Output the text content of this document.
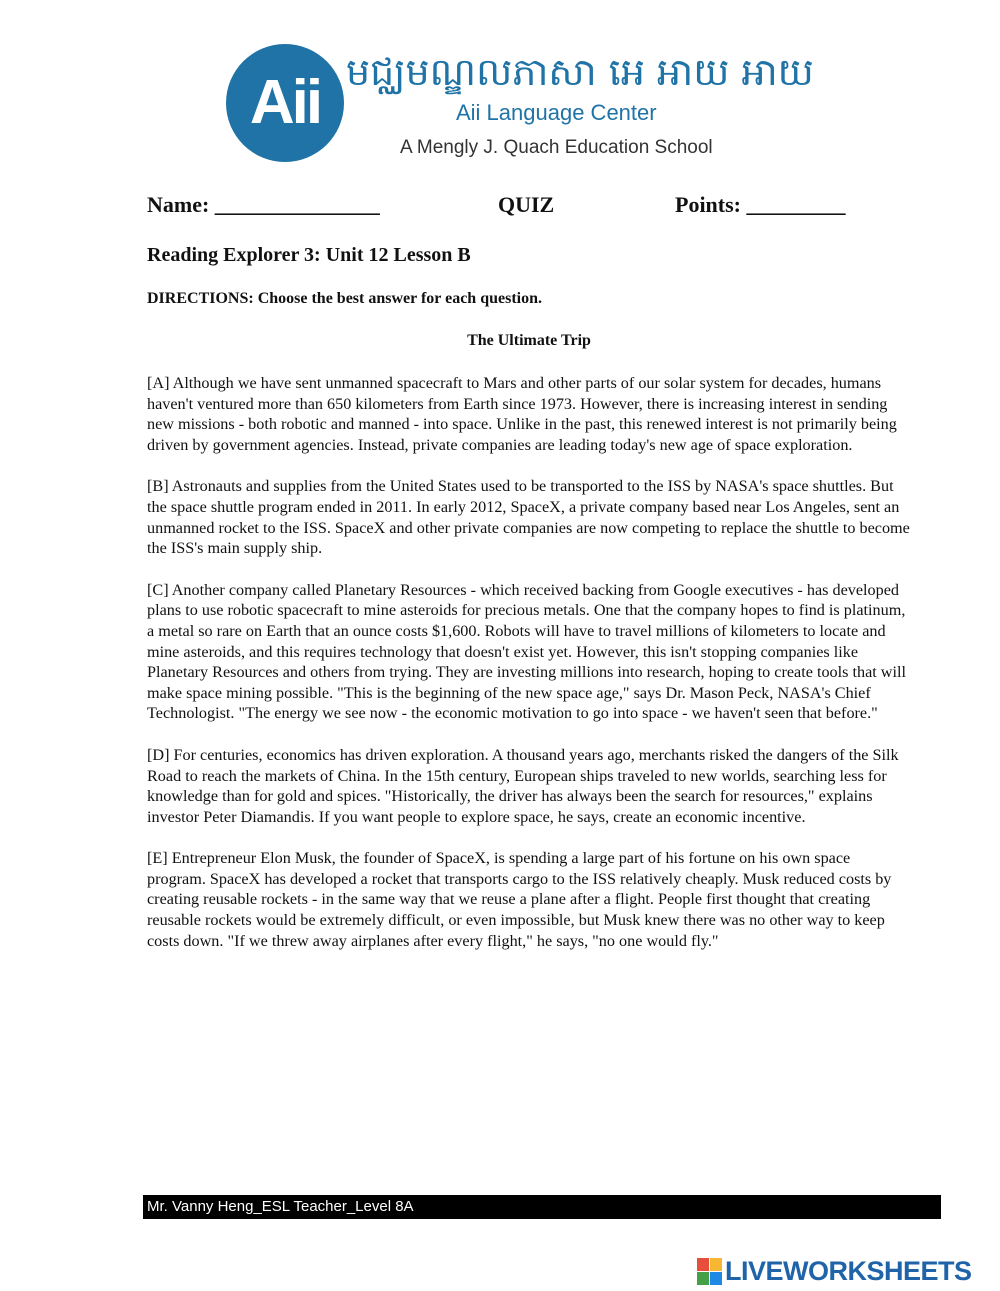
Aii មជ្ឈមណ្ឌលភាសា អេ អាយ អាយ
Aii Language Center
A Mengly J. Quach Education School
Name: _______________	QUIZ	Points: _________
Reading Explorer 3: Unit 12 Lesson B
DIRECTIONS: Choose the best answer for each question.
The Ultimate Trip

[A] Although we have sent unmanned spacecraft to Mars and other parts of our solar system for decades, humans haven't ventured more than 650 kilometers from Earth since 1973. However, there is increasing interest in sending new missions - both robotic and manned - into space. Unlike in the past, this renewed interest is not primarily being driven by government agencies. Instead, private companies are leading today's new age of space exploration.

[B] Astronauts and supplies from the United States used to be transported to the ISS by NASA's space shuttles. But the space shuttle program ended in 2011. In early 2012, SpaceX, a private company based near Los Angeles, sent an unmanned rocket to the ISS. SpaceX and other private companies are now competing to replace the shuttle to become the ISS's main supply ship.

[C] Another company called Planetary Resources - which received backing from Google executives - has developed plans to use robotic spacecraft to mine asteroids for precious metals. One that the company hopes to find is platinum, a metal so rare on Earth that an ounce costs $1,600. Robots will have to travel millions of kilometers to locate and mine asteroids, and this requires technology that doesn't exist yet. However, this isn't stopping companies like Planetary Resources and others from trying. They are investing millions into research, hoping to create tools that will make space mining possible. "This is the beginning of the new space age," says Dr. Mason Peck, NASA's Chief Technologist. "The energy we see now - the economic motivation to go into space - we haven't seen that before."

[D] For centuries, economics has driven exploration. A thousand years ago, merchants risked the dangers of the Silk Road to reach the markets of China. In the 15th century, European ships traveled to new worlds, searching less for knowledge than for gold and spices. "Historically, the driver has always been the search for resources," explains investor Peter Diamandis. If you want people to explore space, he says, create an economic incentive.

[E] Entrepreneur Elon Musk, the founder of SpaceX, is spending a large part of his fortune on his own space program. SpaceX has developed a rocket that transports cargo to the ISS relatively cheaply. Musk reduced costs by creating reusable rockets - in the same way that we reuse a plane after a flight. People first thought that creating reusable rockets would be extremely difficult, or even impossible, but Musk knew there was no other way to keep costs down. "If we threw away airplanes after every flight," he says, "no one would fly."

Mr. Vanny Heng_ESL Teacher_Level 8A
LIVEWORKSHEETS
